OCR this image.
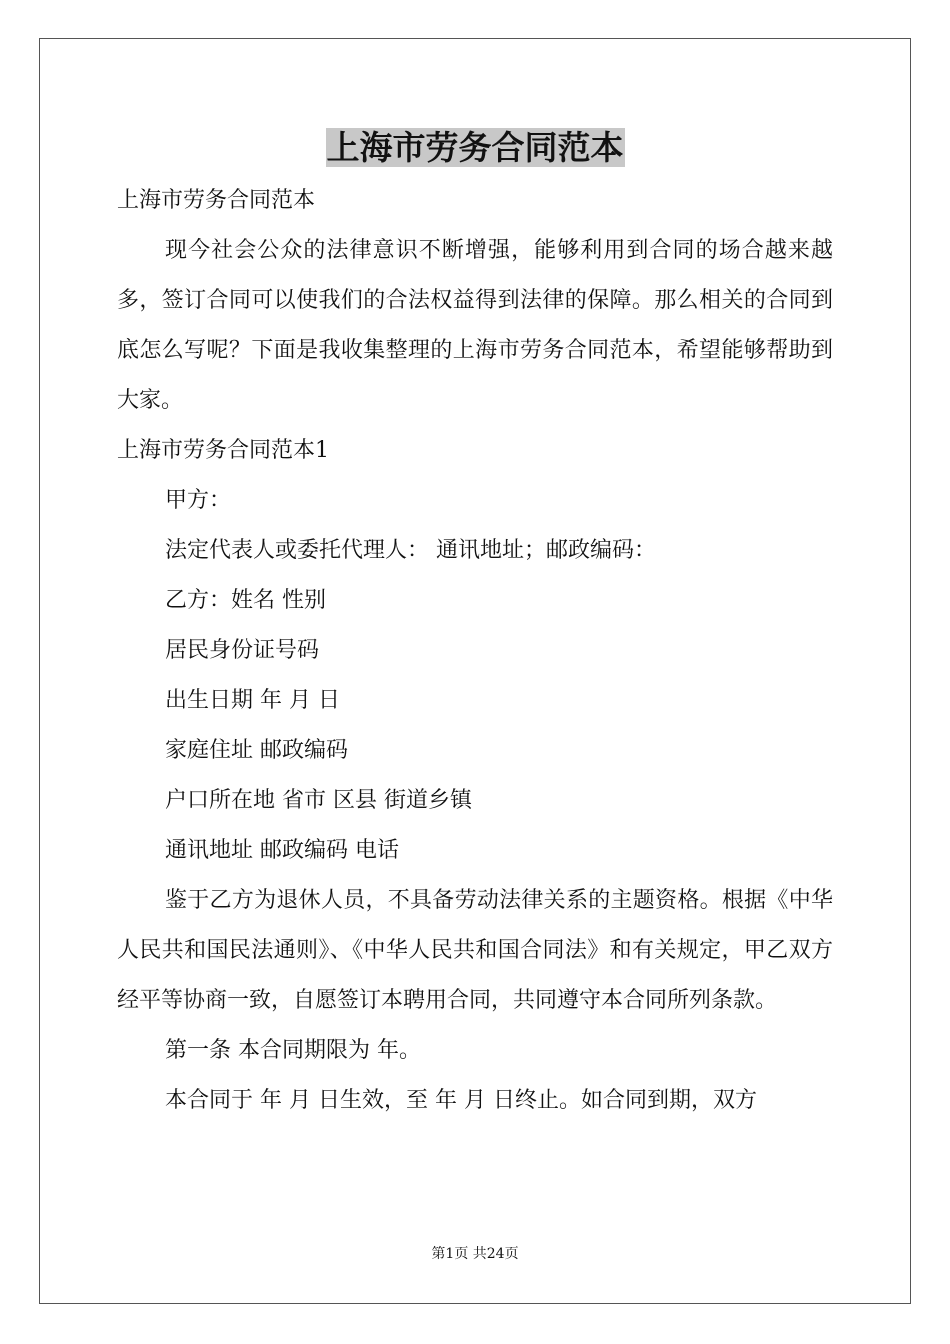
上海市劳务合同范本

上海市劳务合同范本

现今社会公众的法律意识不断增强，能够利用到合同的场合越来越多，签订合同可以使我们的合法权益得到法律的保障。那么相关的合同到底怎么写呢？下面是我收集整理的上海市劳务合同范本，希望能够帮助到大家。

上海市劳务合同范本1

甲方：

法定代表人或委托代理人： 通讯地址；邮政编码：

乙方：姓名 性别

居民身份证号码

出生日期 年 月 日

家庭住址 邮政编码

户口所在地 省市 区县 街道乡镇

通讯地址 邮政编码 电话

鉴于乙方为退休人员，不具备劳动法律关系的主题资格。根据《中华人民共和国民法通则》、《中华人民共和国合同法》和有关规定，甲乙双方经平等协商一致，自愿签订本聘用合同，共同遵守本合同所列条款。

第一条 本合同期限为 年。

本合同于 年 月 日生效，至 年 月 日终止。如合同到期，双方

第1页 共24页
